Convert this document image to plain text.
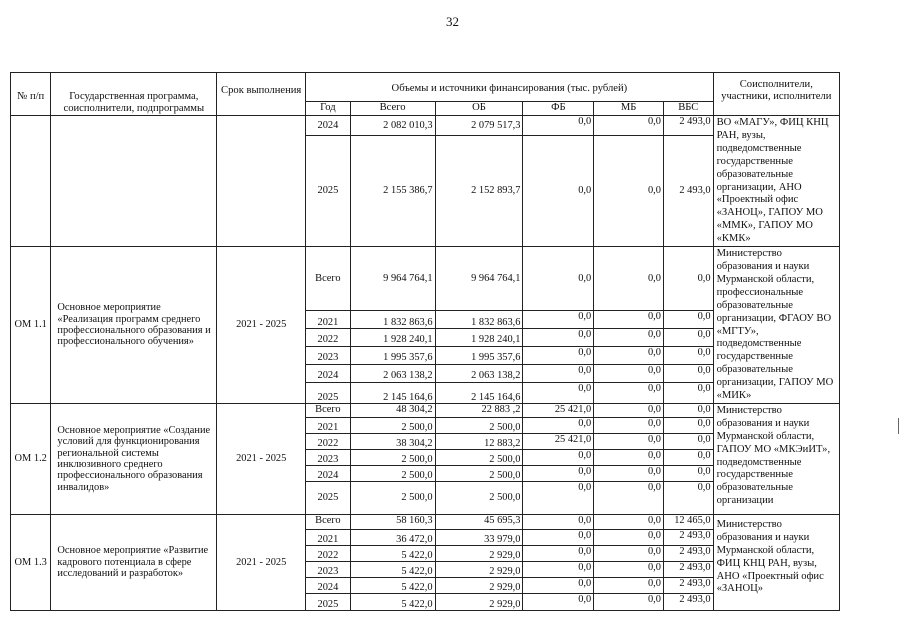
32
№ п/п	Государственная программа, соисполнители, подпрограммы	Срок выполнения	Объемы и источники финансирования (тыс. рублей)						Соисполнители, участники, исполнители
			Год	Всего	ОБ	ФБ	МБ	ВБС	
			2024	2 082 010,3	2 079 517,3	0,0	0,0	2 493,0	ВО «МАГУ», ФИЦ КНЦ РАН, вузы, подведомственные государственные образовательные организации, АНО «Проектный офис «ЗАНОЦ», ГАПОУ МО «ММК», ГАПОУ МО «КМК»
			2025	2 155 386,7	2 152 893,7	0,0	0,0	2 493,0	
ОМ 1.1	Основное мероприятие «Реализация программ среднего профессионального образования и профессионального обучения»	2021 - 2025	Всего	9 964 764,1	9 964 764,1	0,0	0,0	0,0	Министерство образования и науки Мурманской области, профессиональные образовательные организации, ФГАОУ ВО «МГТУ», подведомственные государственные образовательные организации, ГАПОУ МО «МИК»
			2021	1 832 863,6	1 832 863,6	0,0	0,0	0,0	
			2022	1 928 240,1	1 928 240,1	0,0	0,0	0,0	
			2023	1 995 357,6	1 995 357,6	0,0	0,0	0,0	
			2024	2 063 138,2	2 063 138,2	0,0	0,0	0,0	
			2025	2 145 164,6	2 145 164,6	0,0	0,0	0,0	
ОМ 1.2	Основное мероприятие «Создание условий для функционирования региональной системы инклюзивного среднего профессионального образования инвалидов»	2021 - 2025	Всего	48 304,2	22 883 ,2	25 421,0	0,0	0,0	Министерство образования и науки Мурманской области, ГАПОУ МО «МКЭиИТ», подведомственные государственные образовательные организации
			2021	2 500,0	2 500,0	0,0	0,0	0,0	
			2022	38 304,2	12 883,2	25 421,0	0,0	0,0	
			2023	2 500,0	2 500,0	0,0	0,0	0,0	
			2024	2 500,0	2 500,0	0,0	0,0	0,0	
			2025	2 500,0	2 500,0	0,0	0,0	0,0	
ОМ 1.3	Основное мероприятие «Развитие кадрового потенциала в сфере исследований и разработок»	2021 - 2025	Всего	58 160,3	45 695,3	0,0	0,0	12 465,0	Министерство образования и науки Мурманской области, ФИЦ КНЦ РАН, вузы, АНО «Проектный офис «ЗАНОЦ»
			2021	36 472,0	33 979,0	0,0	0,0	2 493,0	
			2022	5 422,0	2 929,0	0,0	0,0	2 493,0	
			2023	5 422,0	2 929,0	0,0	0,0	2 493,0	
			2024	5 422,0	2 929,0	0,0	0,0	2 493,0	
			2025	5 422,0	2 929,0	0,0	0,0	2 493,0	
